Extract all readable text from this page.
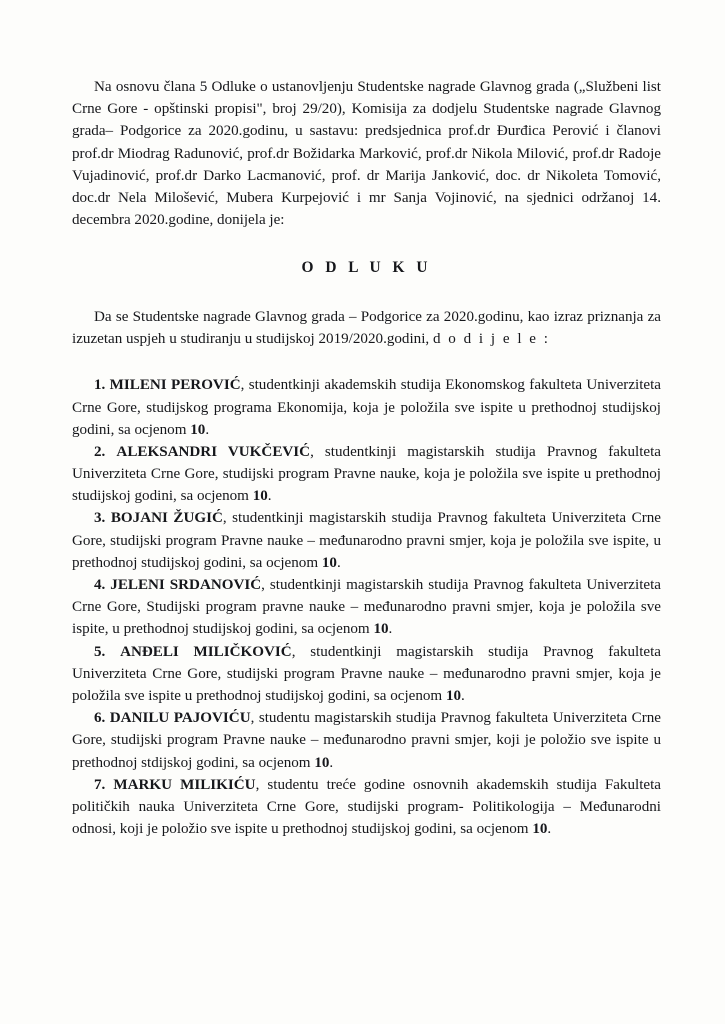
Na osnovu člana 5 Odluke o ustanovljenju Studentske nagrade Glavnog grada („Službeni list Crne Gore - opštinski propisi", broj 29/20), Komisija za dodjelu Studentske nagrade Glavnog grada– Podgorice za 2020.godinu, u sastavu: predsjednica prof.dr Đurđica Perović i članovi prof.dr Miodrag Radunović, prof.dr Božidarka Marković, prof.dr Nikola Milović, prof.dr Radoje Vujadinović, prof.dr Darko Lacmanović, prof. dr Marija Janković, doc. dr Nikoleta Tomović, doc.dr Nela Milošević, Mubera Kurpejović i mr Sanja Vojinović, na sjednici održanoj 14. decembra 2020.godine, donijela je:

O D L U K U

Da se Studentske nagrade Glavnog grada – Podgorice za 2020.godinu, kao izraz priznanja za izuzetan uspjeh u studiranju u studijskoj 2019/2020.godini, d o d i j e l e :

1. MILENI PEROVIĆ, studentkinji akademskih studija Ekonomskog fakulteta Univerziteta Crne Gore, studijskog programa Ekonomija, koja je položila sve ispite u prethodnoj studijskoj godini, sa ocjenom 10.

2. ALEKSANDRI VUKČEVIĆ, studentkinji magistarskih studija Pravnog fakulteta Univerziteta Crne Gore, studijski program Pravne nauke, koja je položila sve ispite u prethodnoj studijskoj godini, sa ocjenom 10.

3. BOJANI ŽUGIĆ, studentkinji magistarskih studija Pravnog fakulteta Univerziteta Crne Gore, studijski program Pravne nauke – međunarodno pravni smjer, koja je položila sve ispite, u prethodnoj studijskoj godini, sa ocjenom 10.

4. JELENI SRDANOVIĆ, studentkinji magistarskih studija Pravnog fakulteta Univerziteta Crne Gore, Studijski program pravne nauke – međunarodno pravni smjer, koja je položila sve ispite, u prethodnoj studijskoj godini, sa ocjenom 10.

5. ANĐELI MILIČKOVIĆ, studentkinji magistarskih studija Pravnog fakulteta Univerziteta Crne Gore, studijski program Pravne nauke – međunarodno pravni smjer, koja je položila sve ispite u prethodnoj studijskoj godini, sa ocjenom 10.

6. DANILU PAJOVIĆU, studentu magistarskih studija Pravnog fakulteta Univerziteta Crne Gore, studijski program Pravne nauke – međunarodno pravni smjer, koji je položio sve ispite u prethodnoj stdijskoj godini, sa ocjenom 10.

7. MARKU MILIKIĆU, studentu treće godine osnovnih akademskih studija Fakulteta političkih nauka Univerziteta Crne Gore, studijski program- Politikologija – Međunarodni odnosi, koji je položio sve ispite u prethodnoj studijskoj godini, sa ocjenom 10.
